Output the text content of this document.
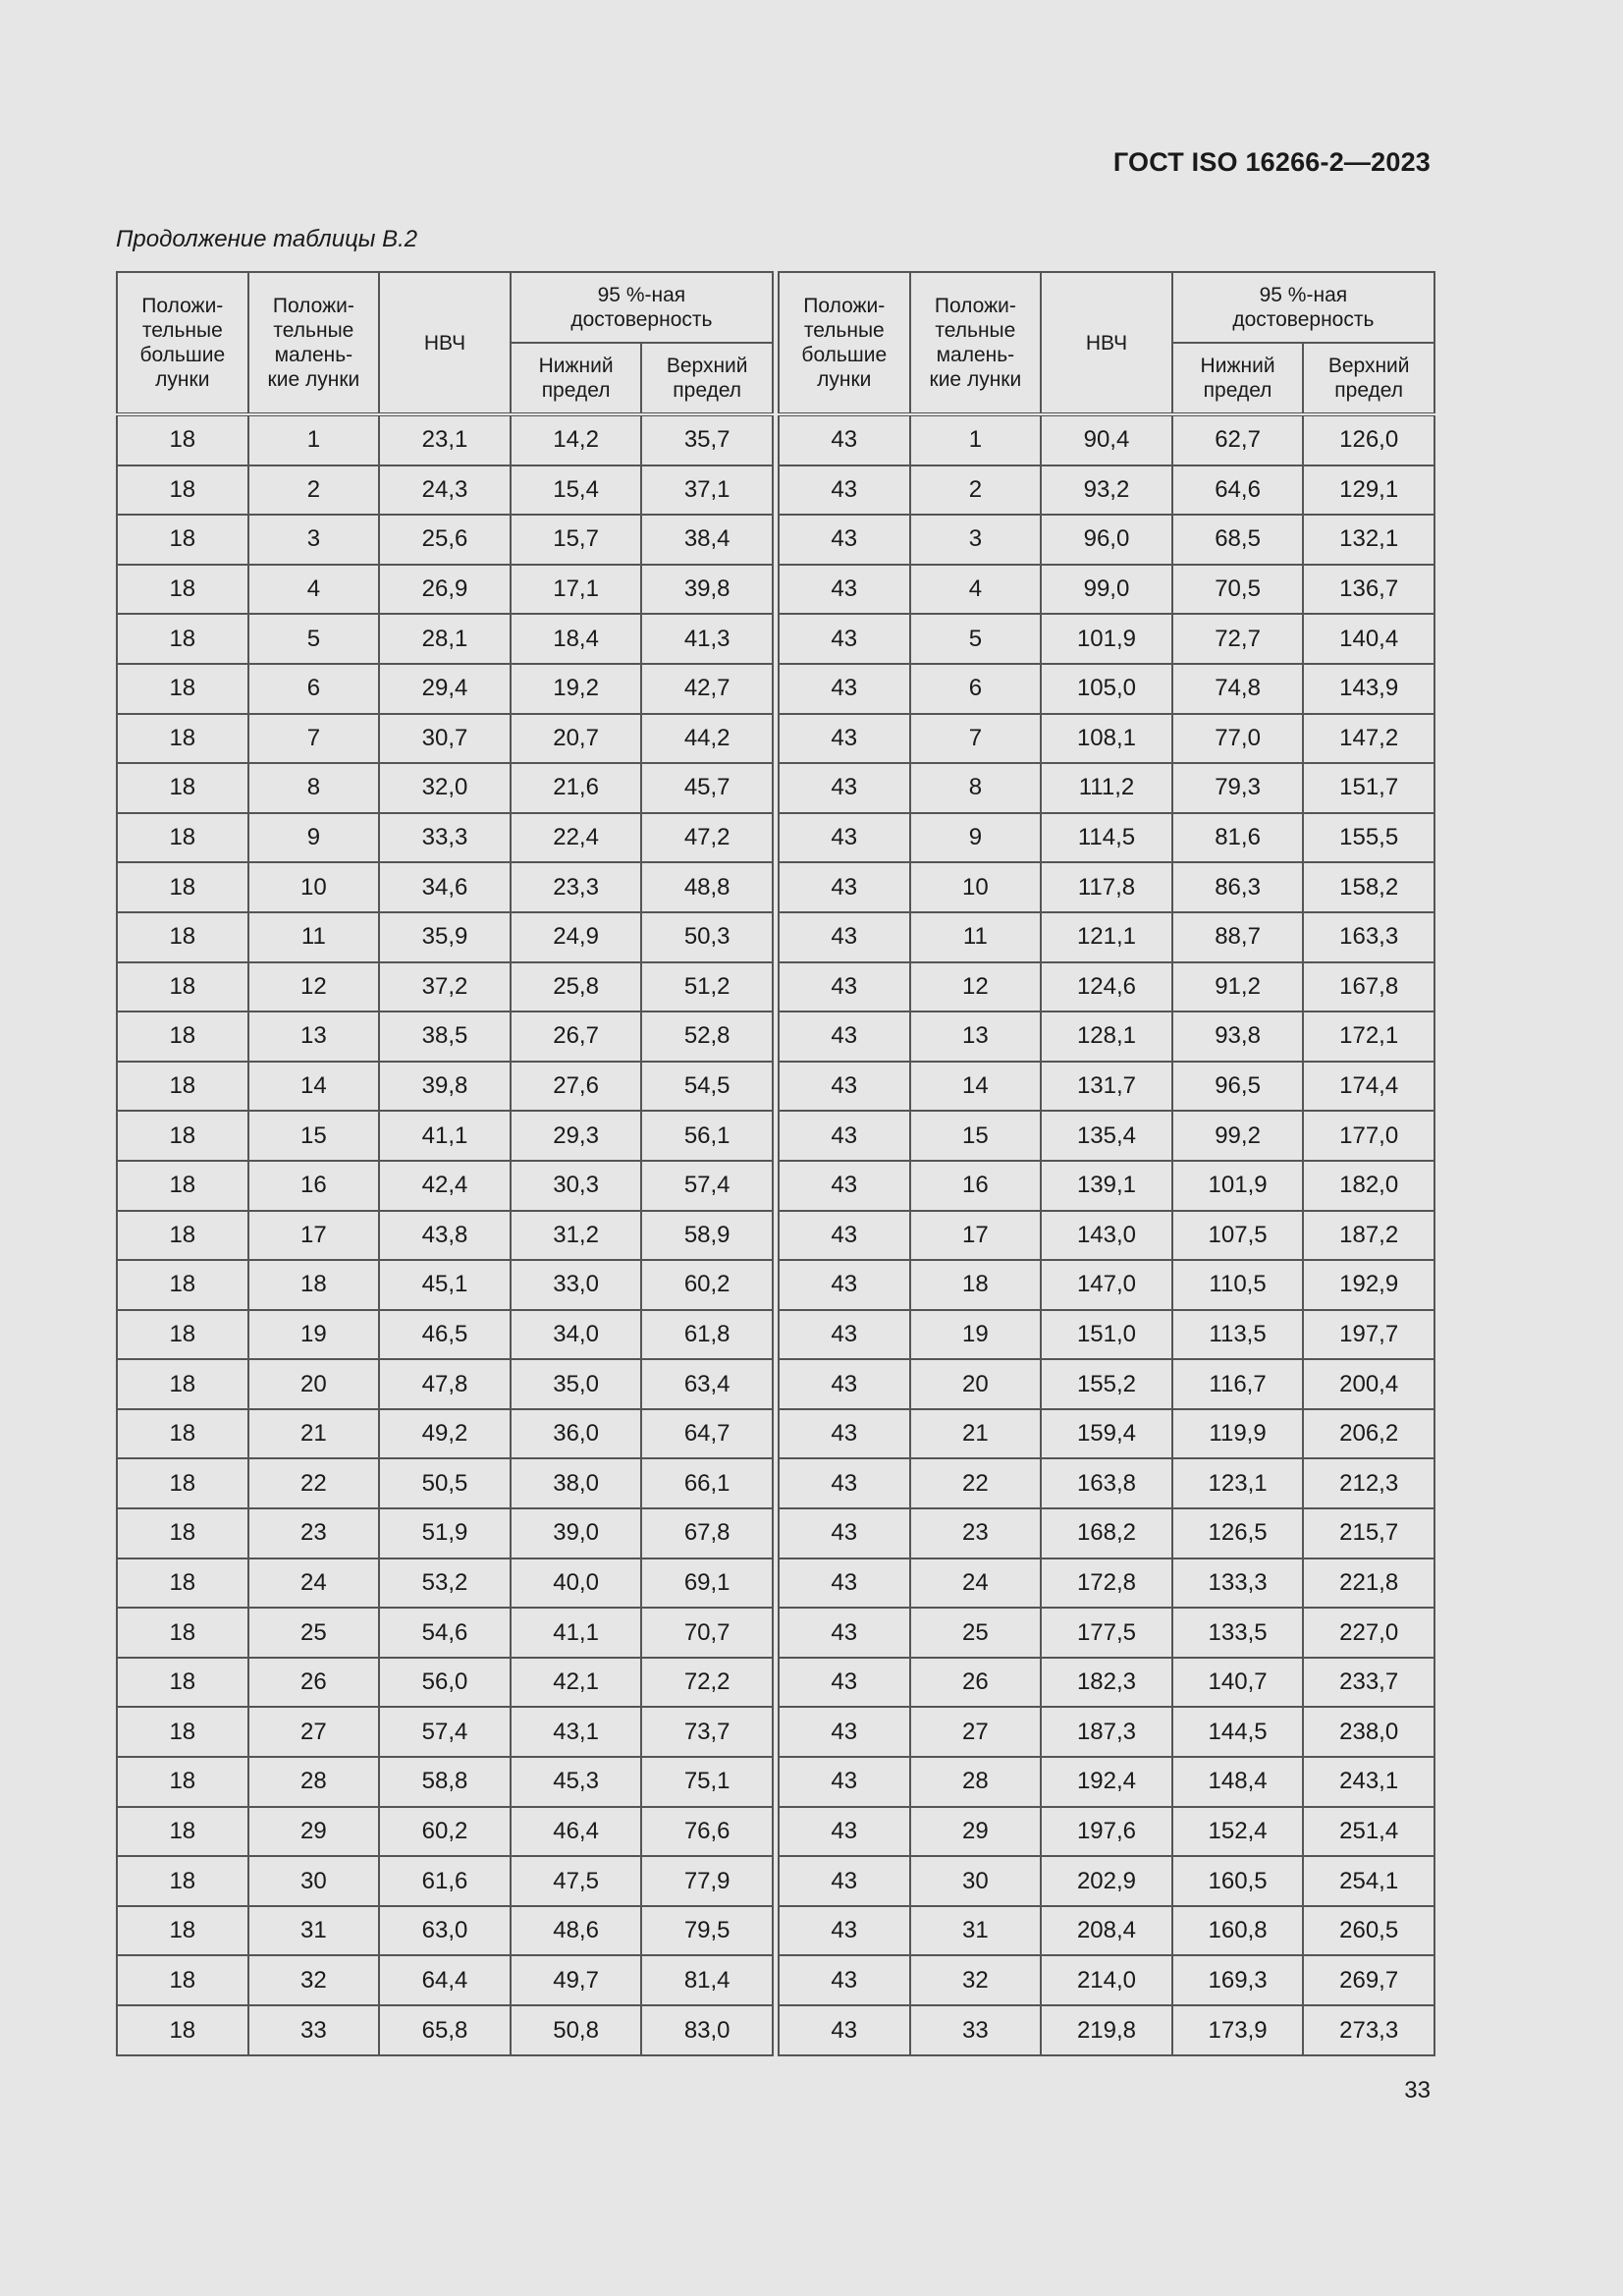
ГОСТ ISO 16266-2—2023
Продолжение таблицы В.2
Положи-
тельные
большие
лунки	Положи-
тельные
малень-
кие лунки	НВЧ	95 %-ная
достоверность	
			Нижний
предел	Верхний
предел
18	1	23,1	14,2	35,7
18	2	24,3	15,4	37,1
18	3	25,6	15,7	38,4
18	4	26,9	17,1	39,8
18	5	28,1	18,4	41,3
18	6	29,4	19,2	42,7
18	7	30,7	20,7	44,2
18	8	32,0	21,6	45,7
18	9	33,3	22,4	47,2
18	10	34,6	23,3	48,8
18	11	35,9	24,9	50,3
18	12	37,2	25,8	51,2
18	13	38,5	26,7	52,8
18	14	39,8	27,6	54,5
18	15	41,1	29,3	56,1
18	16	42,4	30,3	57,4
18	17	43,8	31,2	58,9
18	18	45,1	33,0	60,2
18	19	46,5	34,0	61,8
18	20	47,8	35,0	63,4
18	21	49,2	36,0	64,7
18	22	50,5	38,0	66,1
18	23	51,9	39,0	67,8
18	24	53,2	40,0	69,1
18	25	54,6	41,1	70,7
18	26	56,0	42,1	72,2
18	27	57,4	43,1	73,7
18	28	58,8	45,3	75,1
18	29	60,2	46,4	76,6
18	30	61,6	47,5	77,9
18	31	63,0	48,6	79,5
18	32	64,4	49,7	81,4
18	33	65,8	50,8	83,0
Положи-
тельные
большие
лунки	Положи-
тельные
малень-
кие лунки	НВЧ	95 %-ная
достоверность	
			Нижний
предел	Верхний
предел
43	1	90,4	62,7	126,0
43	2	93,2	64,6	129,1
43	3	96,0	68,5	132,1
43	4	99,0	70,5	136,7
43	5	101,9	72,7	140,4
43	6	105,0	74,8	143,9
43	7	108,1	77,0	147,2
43	8	111,2	79,3	151,7
43	9	114,5	81,6	155,5
43	10	117,8	86,3	158,2
43	11	121,1	88,7	163,3
43	12	124,6	91,2	167,8
43	13	128,1	93,8	172,1
43	14	131,7	96,5	174,4
43	15	135,4	99,2	177,0
43	16	139,1	101,9	182,0
43	17	143,0	107,5	187,2
43	18	147,0	110,5	192,9
43	19	151,0	113,5	197,7
43	20	155,2	116,7	200,4
43	21	159,4	119,9	206,2
43	22	163,8	123,1	212,3
43	23	168,2	126,5	215,7
43	24	172,8	133,3	221,8
43	25	177,5	133,5	227,0
43	26	182,3	140,7	233,7
43	27	187,3	144,5	238,0
43	28	192,4	148,4	243,1
43	29	197,6	152,4	251,4
43	30	202,9	160,5	254,1
43	31	208,4	160,8	260,5
43	32	214,0	169,3	269,7
43	33	219,8	173,9	273,3
33
